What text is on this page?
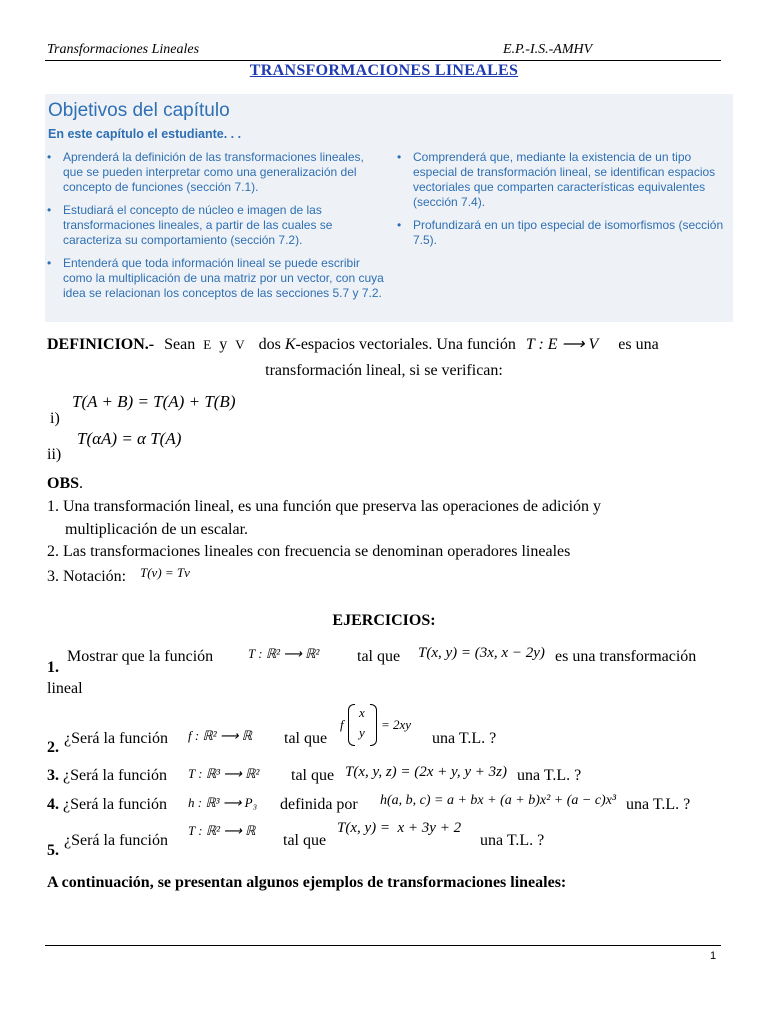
Transformaciones Lineales	E.P.-I.S.-AMHV
TRANSFORMACIONES LINEALES
Objetivos del capítulo
En este capítulo el estudiante. . .
• Aprenderá la definición de las transformaciones lineales, que se pueden interpretar como una generalización del concepto de funciones (sección 7.1).
• Estudiará el concepto de núcleo e imagen de las transformaciones lineales, a partir de las cuales se caracteriza su comportamiento (sección 7.2).
• Entenderá que toda información lineal se puede escribir como la multiplicación de una matriz por un vector, con cuya idea se relacionan los conceptos de las secciones 5.7 y 7.2.
• Comprenderá que, mediante la existencia de un tipo especial de transformación lineal, se identifican espacios vectoriales que comparten características equivalentes (sección 7.4).
• Profundizará en un tipo especial de isomorfismos (sección 7.5).
DEFINICION.- Sean E y V dos K-espacios vectoriales. Una función T : E ⟶ V es una
transformación lineal, si se verifican:
T(A + B) = T(A) + T(B)
i)
T(αA) = α T(A)
ii)
OBS.
1. Una transformación lineal, es una función que preserva las operaciones de adición y
multiplicación de un escalar.
2. Las transformaciones lineales con frecuencia se denominan operadores lineales
3. Notación: T(v) = Tv
EJERCICIOS:
1.
Mostrar que la función	T : ℝ² ⟶ ℝ² tal que T(x, y) = (3x, x − 2y) es una transformación
lineal
2.
¿Será la función f : ℝ² ⟶ ℝ tal que
f
x
y
= 2xy
una T.L. ?
3. ¿Será la función T : ℝ³ ⟶ ℝ² tal que T(x, y, z) = (2x + y, y + 3z) una T.L. ?
4. ¿Será la función h : ℝ³ ⟶ P₃ definida por h(a, b, c) = a + bx + (a + b)x² + (a − c)x³ una T.L. ?
5.
¿Será la función
T : ℝ² ⟶ ℝ
tal que
T(x, y) =  x + 3y + 2
una T.L. ?
A continuación, se presentan algunos ejemplos de transformaciones lineales:
1
